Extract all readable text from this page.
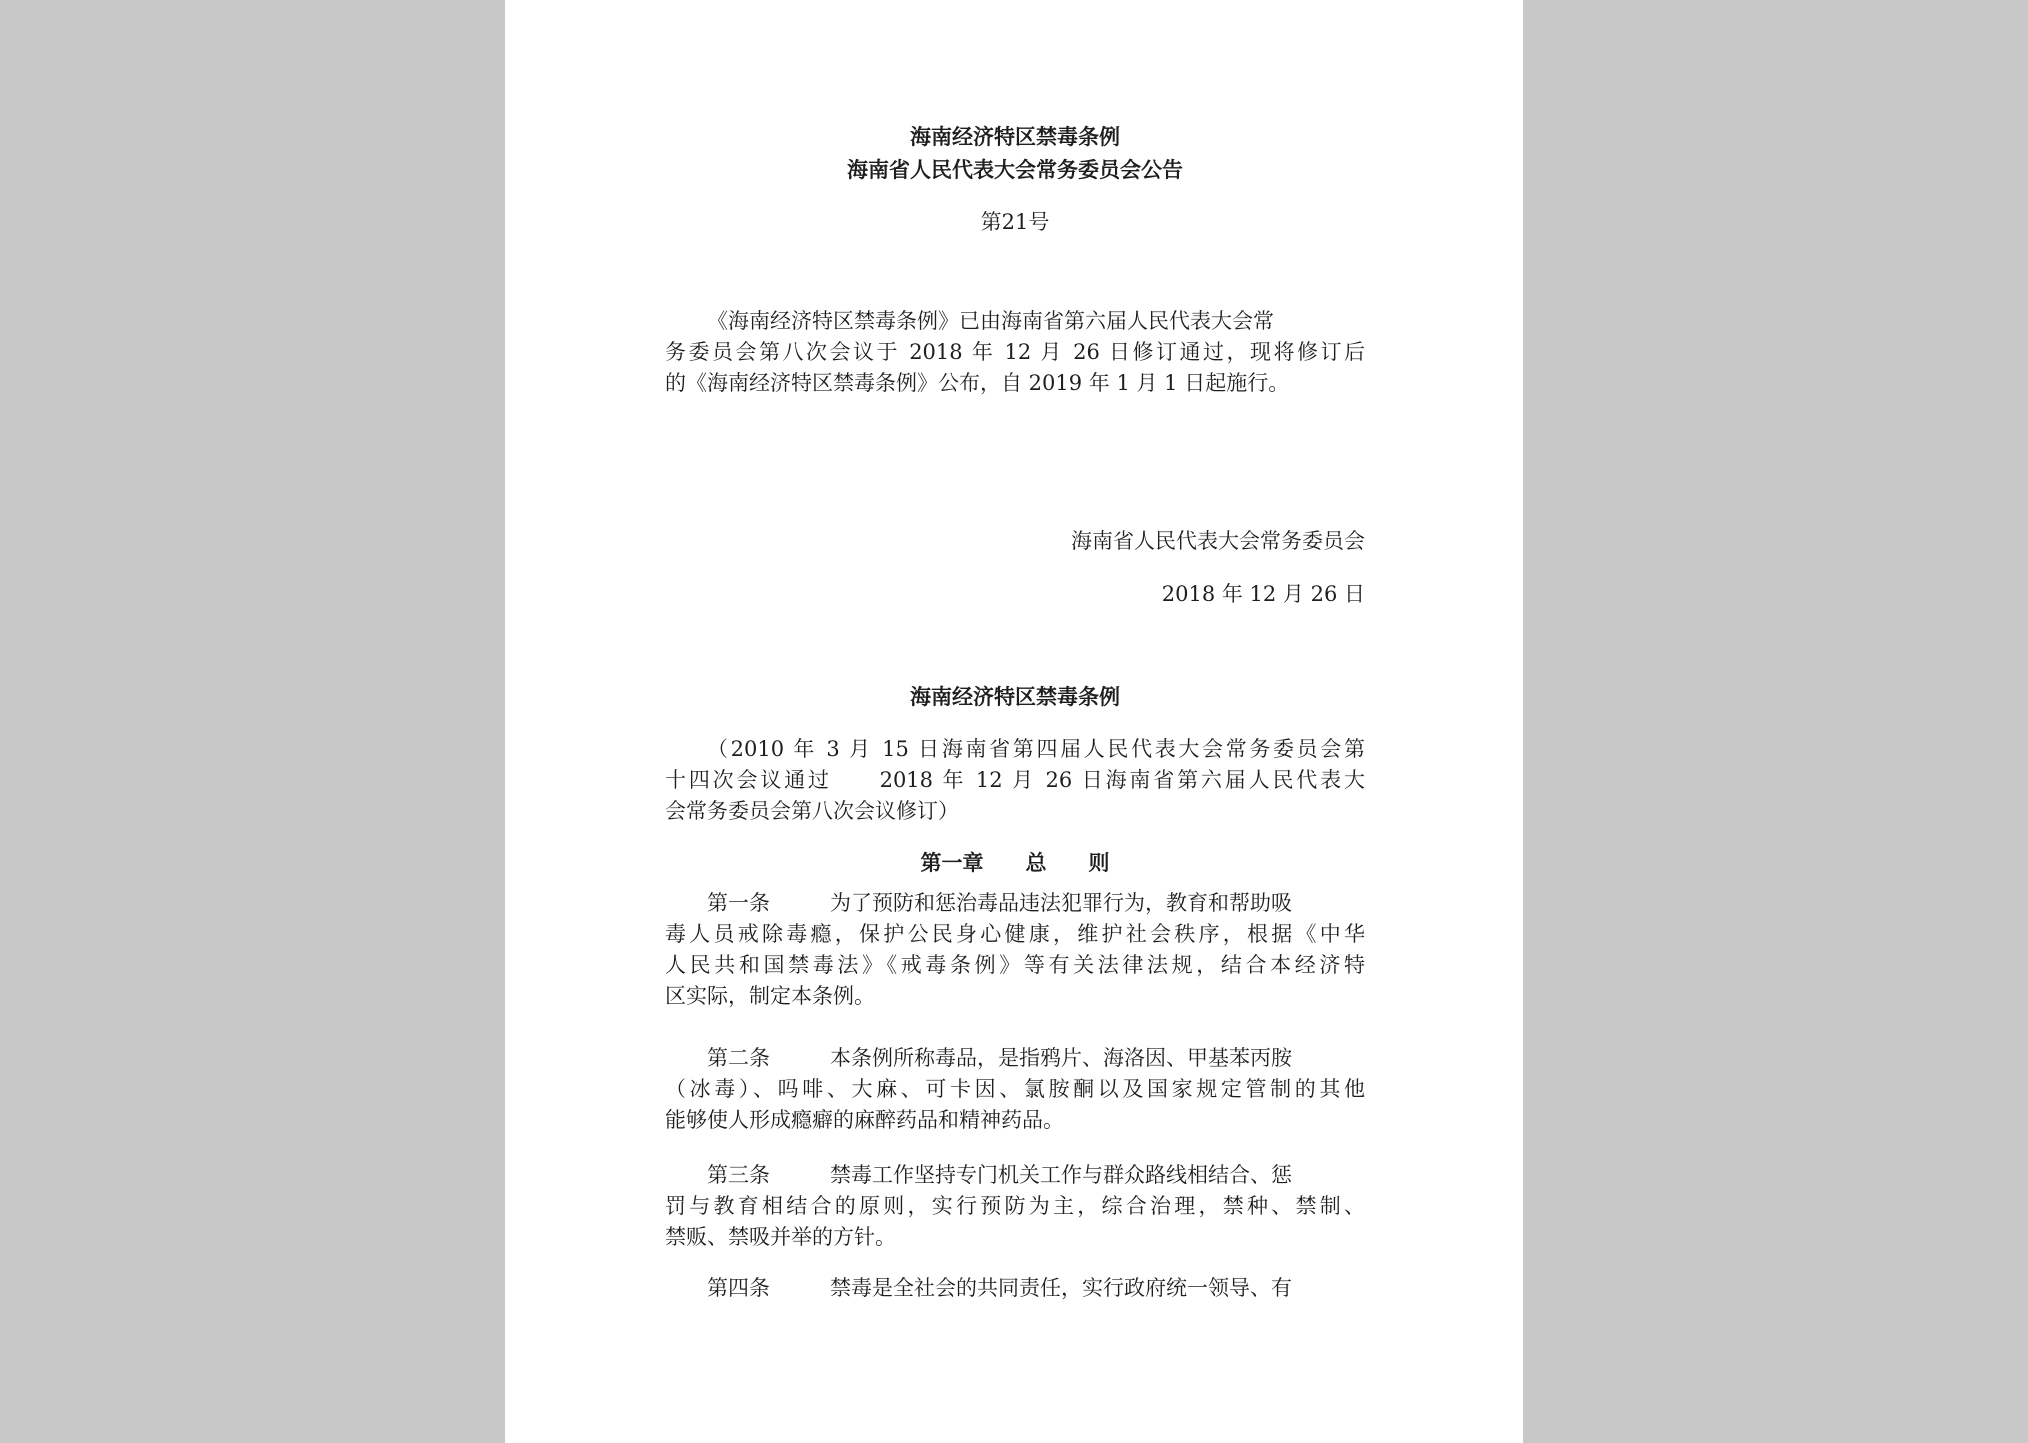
海南经济特区禁毒条例
海南省人民代表大会常务委员会公告
第21号
《海南经济特区禁毒条例》已由海南省第六届人民代表大会常
务委员会第八次会议于 2018 年 12 月 26 日修订通过，现将修订后
的《海南经济特区禁毒条例》公布，自 2019 年 1 月 1 日起施行。
海南省人民代表大会常务委员会
2018 年 12 月 26 日
海南经济特区禁毒条例
（2010 年 3 月 15 日海南省第四届人民代表大会常务委员会第
十四次会议通过　　2018 年 12 月 26 日海南省第六届人民代表大
会常务委员会第八次会议修订）
第一章　　总　　则
第一条	为了预防和惩治毒品违法犯罪行为，教育和帮助吸
毒人员戒除毒瘾，保护公民身心健康，维护社会秩序，根据《中华
人民共和国禁毒法》《戒毒条例》等有关法律法规，结合本经济特
区实际，制定本条例。
第二条	本条例所称毒品，是指鸦片、海洛因、甲基苯丙胺
（冰毒）、吗啡、大麻、可卡因、氯胺酮以及国家规定管制的其他
能够使人形成瘾癖的麻醉药品和精神药品。
第三条	禁毒工作坚持专门机关工作与群众路线相结合、惩
罚与教育相结合的原则，实行预防为主，综合治理，禁种、禁制、
禁贩、禁吸并举的方针。
第四条	禁毒是全社会的共同责任，实行政府统一领导、有
